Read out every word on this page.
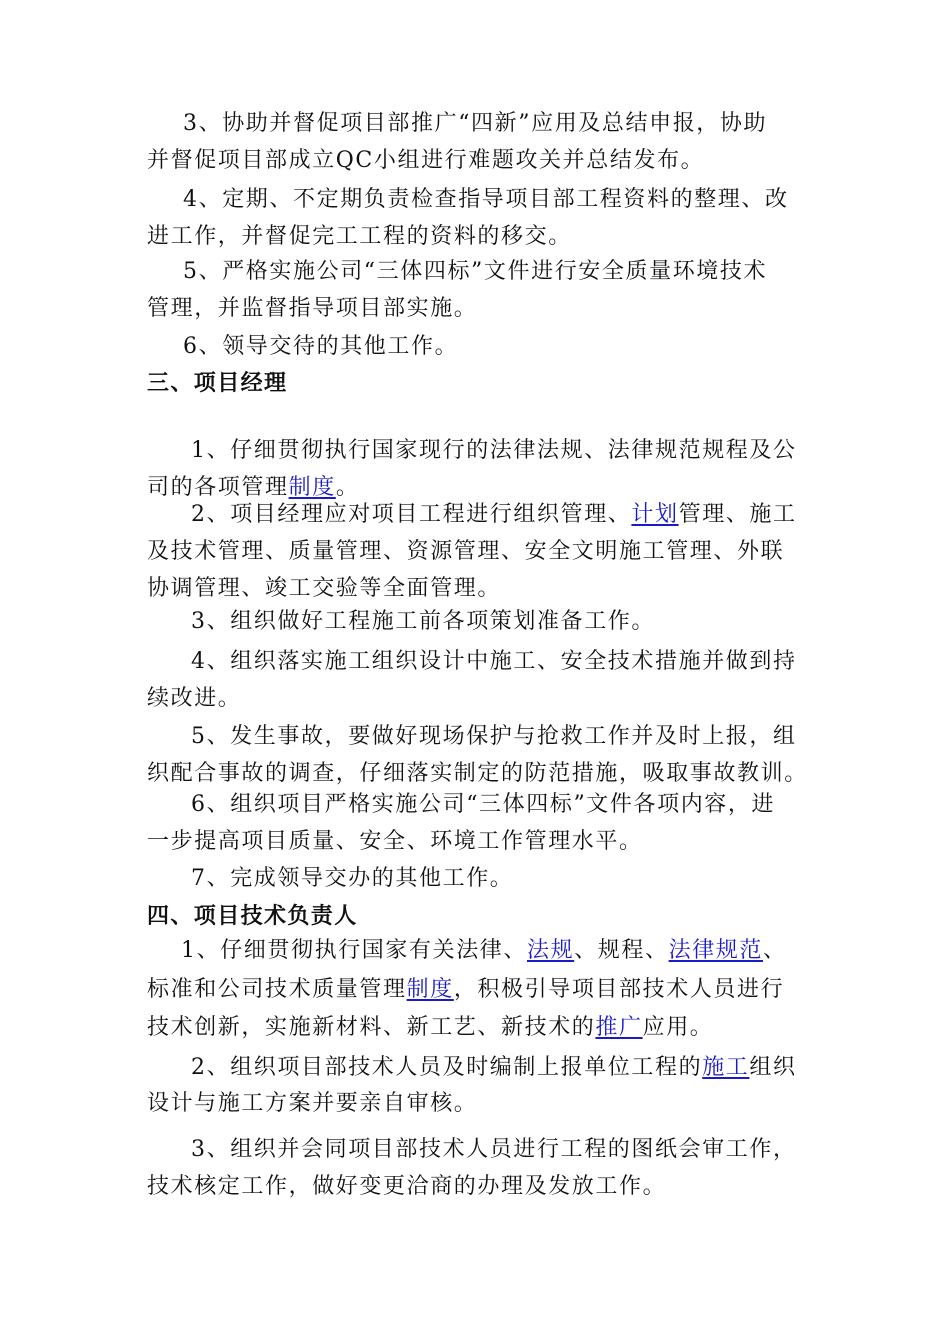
3、协助并督促项目部推广“四新”应用及总结申报，协助
并督促项目部成立QC小组进行难题攻关并总结发布。
4、定期、不定期负责检查指导项目部工程资料的整理、改
进工作，并督促完工工程的资料的移交。
5、严格实施公司“三体四标”文件进行安全质量环境技术
管理，并监督指导项目部实施。
6、领导交待的其他工作。
三、项目经理
1、仔细贯彻执行国家现行的法律法规、法律规范规程及公
司的各项管理制度。
2、项目经理应对项目工程进行组织管理、计划管理、施工
及技术管理、质量管理、资源管理、安全文明施工管理、外联
协调管理、竣工交验等全面管理。
3、组织做好工程施工前各项策划准备工作。
4、组织落实施工组织设计中施工、安全技术措施并做到持
续改进。
5、发生事故，要做好现场保护与抢救工作并及时上报，组
织配合事故的调查，仔细落实制定的防范措施，吸取事故教训。
6、组织项目严格实施公司“三体四标”文件各项内容，进
一步提高项目质量、安全、环境工作管理水平。
7、完成领导交办的其他工作。
四、项目技术负责人
1、仔细贯彻执行国家有关法律、法规、规程、法律规范、
标准和公司技术质量管理制度，积极引导项目部技术人员进行
技术创新，实施新材料、新工艺、新技术的推广应用。
2、组织项目部技术人员及时编制上报单位工程的施工组织
设计与施工方案并要亲自审核。
3、组织并会同项目部技术人员进行工程的图纸会审工作，
技术核定工作，做好变更洽商的办理及发放工作。
